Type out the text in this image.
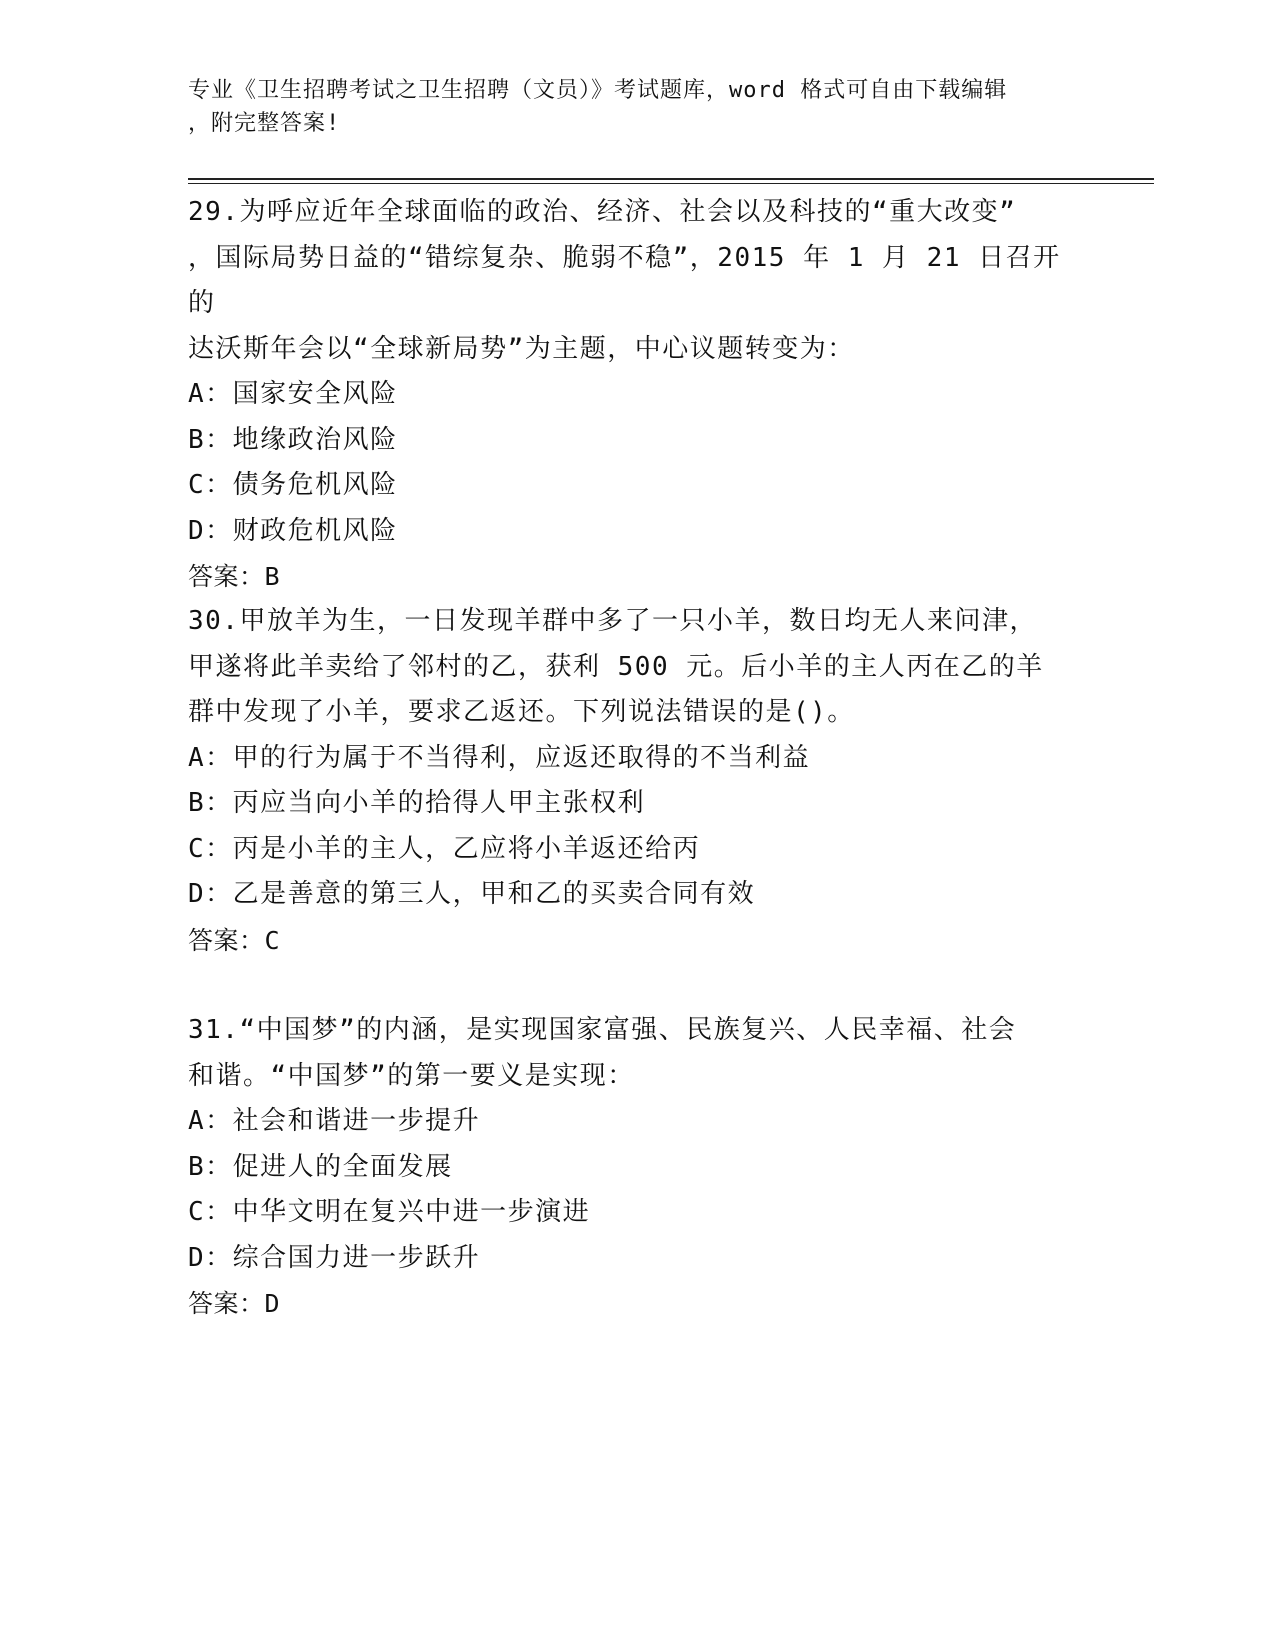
专业《卫生招聘考试之卫生招聘（文员）》考试题库，word 格式可自由下载编辑
，附完整答案!

29.为呼应近年全球面临的政治、经济、社会以及科技的“重大改变”

，国际局势日益的“错综复杂、脆弱不稳”，2015 年 1 月 21 日召开的

达沃斯年会以“全球新局势”为主题，中心议题转变为：

A：国家安全风险

B：地缘政治风险

C：债务危机风险

D：财政危机风险

答案：B

30.甲放羊为生，一日发现羊群中多了一只小羊，数日均无人来问津，

甲遂将此羊卖给了邻村的乙，获利 500 元。后小羊的主人丙在乙的羊

群中发现了小羊，要求乙返还。下列说法错误的是()。

A：甲的行为属于不当得利，应返还取得的不当利益

B：丙应当向小羊的拾得人甲主张权利

C：丙是小羊的主人，乙应将小羊返还给丙

D：乙是善意的第三人，甲和乙的买卖合同有效

答案：C

31.“中国梦”的内涵，是实现国家富强、民族复兴、人民幸福、社会

和谐。“中国梦”的第一要义是实现：

A：社会和谐进一步提升

B：促进人的全面发展

C：中华文明在复兴中进一步演进

D：综合国力进一步跃升

答案：D
